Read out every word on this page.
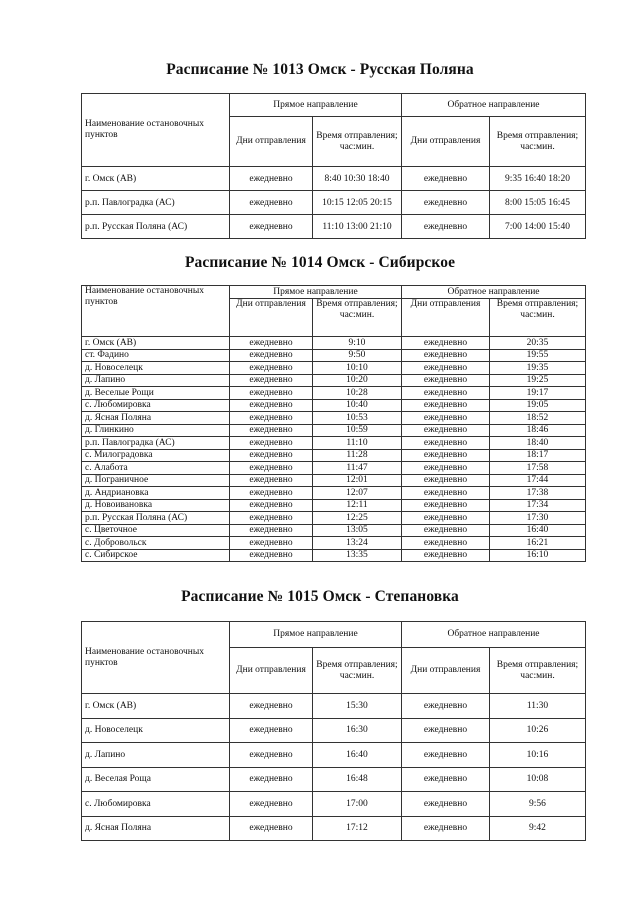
Расписание № 1013 Омск - Русская Поляна
Наименование остановочных пунктов	Прямое направление		Обратное направление	
	Дни отправления	Время отправления; час:мин.	Дни отправления	Время отправления; час:мин.
г. Омск (АВ)	ежедневно	8:40 10:30 18:40	ежедневно	9:35 16:40 18:20
р.п. Павлоградка (АС)	ежедневно	10:15 12:05 20:15	ежедневно	8:00 15:05 16:45
р.п. Русская Поляна (АС)	ежедневно	11:10 13:00 21:10	ежедневно	7:00 14:00 15:40
Расписание № 1014 Омск - Сибирское
Наименование остановочных пунктов	Прямое направление		Обратное направление	
	Дни отправления	Время отправления; час:мин.	Дни отправления	Время отправления; час:мин.
г. Омск (АВ)	ежедневно	9:10	ежедневно	20:35
ст. Фадино	ежедневно	9:50	ежедневно	19:55
д. Новоселецк	ежедневно	10:10	ежедневно	19:35
д. Лапино	ежедневно	10:20	ежедневно	19:25
д. Веселые Рощи	ежедневно	10:28	ежедневно	19:17
с. Любомировка	ежедневно	10:40	ежедневно	19:05
д. Ясная Поляна	ежедневно	10:53	ежедневно	18:52
д. Глинкино	ежедневно	10:59	ежедневно	18:46
р.п. Павлоградка (АС)	ежедневно	11:10	ежедневно	18:40
с. Милоградовка	ежедневно	11:28	ежедневно	18:17
с. Алабота	ежедневно	11:47	ежедневно	17:58
д. Пограничное	ежедневно	12:01	ежедневно	17:44
д. Андриановка	ежедневно	12:07	ежедневно	17:38
д. Новоивановка	ежедневно	12:11	ежедневно	17:34
р.п. Русская Поляна (АС)	ежедневно	12:25	ежедневно	17:30
с. Цветочное	ежедневно	13:05	ежедневно	16:40
с. Добровольск	ежедневно	13:24	ежедневно	16:21
с. Сибирское	ежедневно	13:35	ежедневно	16:10
Расписание № 1015 Омск - Степановка
Наименование остановочных пунктов	Прямое направление		Обратное направление	
	Дни отправления	Время отправления; час:мин.	Дни отправления	Время отправления; час:мин.
г. Омск (АВ)	ежедневно	15:30	ежедневно	11:30
д. Новоселецк	ежедневно	16:30	ежедневно	10:26
д. Лапино	ежедневно	16:40	ежедневно	10:16
д. Веселая Роща	ежедневно	16:48	ежедневно	10:08
с. Любомировка	ежедневно	17:00	ежедневно	9:56
д. Ясная Поляна	ежедневно	17:12	ежедневно	9:42
